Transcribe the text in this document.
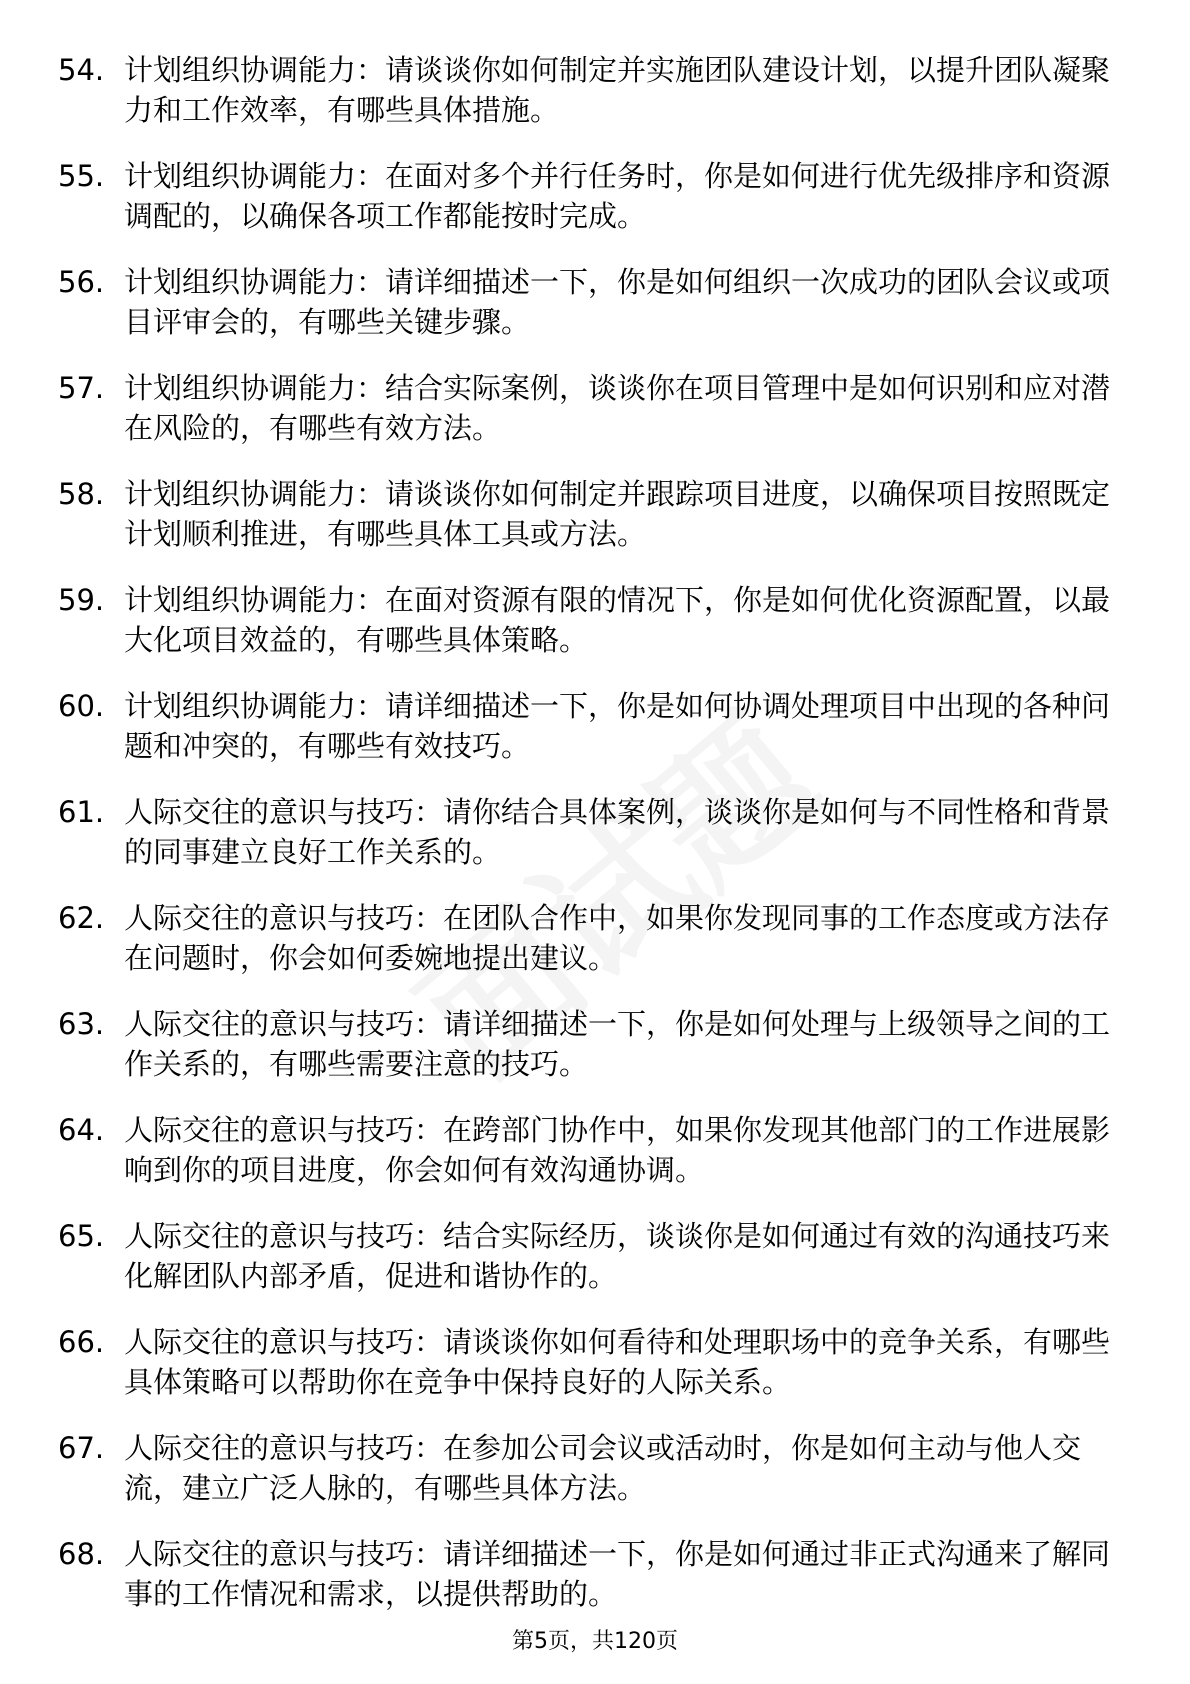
54. 计划组织协调能力：请谈谈你如何制定并实施团队建设计划，以提升团队凝聚力和工作效率，有哪些具体措施。
55. 计划组织协调能力：在面对多个并行任务时，你是如何进行优先级排序和资源调配的，以确保各项工作都能按时完成。
56. 计划组织协调能力：请详细描述一下，你是如何组织一次成功的团队会议或项目评审会的，有哪些关键步骤。
57. 计划组织协调能力：结合实际案例，谈谈你在项目管理中是如何识别和应对潜在风险的，有哪些有效方法。
58. 计划组织协调能力：请谈谈你如何制定并跟踪项目进度，以确保项目按照既定计划顺利推进，有哪些具体工具或方法。
59. 计划组织协调能力：在面对资源有限的情况下，你是如何优化资源配置，以最大化项目效益的，有哪些具体策略。
60. 计划组织协调能力：请详细描述一下，你是如何协调处理项目中出现的各种问题和冲突的，有哪些有效技巧。
61. 人际交往的意识与技巧：请你结合具体案例，谈谈你是如何与不同性格和背景的同事建立良好工作关系的。
62. 人际交往的意识与技巧：在团队合作中，如果你发现同事的工作态度或方法存在问题时，你会如何委婉地提出建议。
63. 人际交往的意识与技巧：请详细描述一下，你是如何处理与上级领导之间的工作关系的，有哪些需要注意的技巧。
64. 人际交往的意识与技巧：在跨部门协作中，如果你发现其他部门的工作进展影响到你的项目进度，你会如何有效沟通协调。
65. 人际交往的意识与技巧：结合实际经历，谈谈你是如何通过有效的沟通技巧来化解团队内部矛盾，促进和谐协作的。
66. 人际交往的意识与技巧：请谈谈你如何看待和处理职场中的竞争关系，有哪些具体策略可以帮助你在竞争中保持良好的人际关系。
67. 人际交往的意识与技巧：在参加公司会议或活动时，你是如何主动与他人交流，建立广泛人脉的，有哪些具体方法。
68. 人际交往的意识与技巧：请详细描述一下，你是如何通过非正式沟通来了解同事的工作情况和需求，以提供帮助的。
第5页，共120页
